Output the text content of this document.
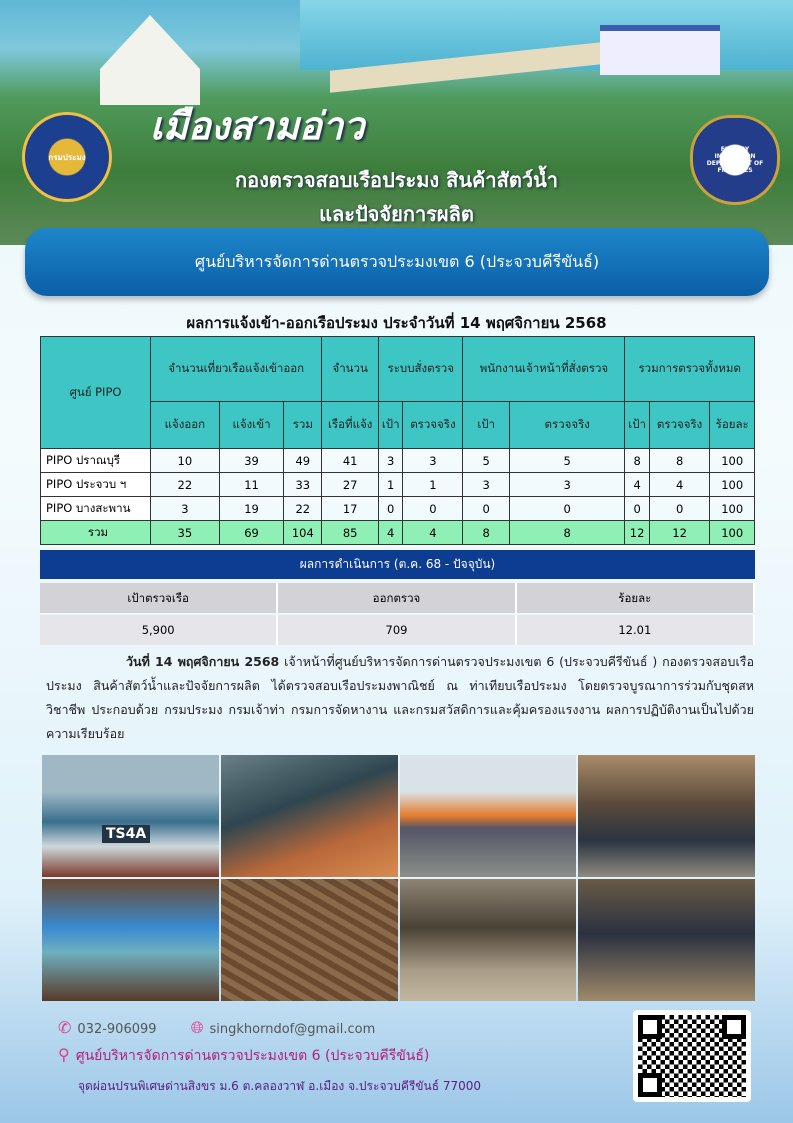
เมืองสามอ่าว
กรมประมง
FISHERY INSPECTION DEPARTMENT OF FISHERIES
กองตรวจสอบเรือประมง สินค้าสัตว์น้ำ
และปัจจัยการผลิต
ศูนย์บริหารจัดการด่านตรวจประมงเขต 6 (ประจวบคีรีขันธ์)
ผลการแจ้งเข้า-ออกเรือประมง ประจำวันที่ 14 พฤศจิกายน 2568
ศูนย์ PIPO	จำนวนเที่ยวเรือแจ้งเข้าออก			จำนวน	ระบบสั่งตรวจ		พนักงานเจ้าหน้าที่สั่งตรวจ		รวมการตรวจทั้งหมด		
	แจ้งออก	แจ้งเข้า	รวม	เรือที่แจ้ง	เป้า	ตรวจจริง	เป้า	ตรวจจริง	เป้า	ตรวจจริง	ร้อยละ
PIPO ปราณบุรี	10	39	49	41	3	3	5	5	8	8	100
PIPO ประจวบ ฯ	22	11	33	27	1	1	3	3	4	4	100
PIPO บางสะพาน	3	19	22	17	0	0	0	0	0	0	100
รวม	35	69	104	85	4	4	8	8	12	12	100
ผลการดำเนินการ (ต.ค. 68 - ปัจจุบัน)
เป้าตรวจเรือ	ออกตรวจ	ร้อยละ
5,900	709	12.01

วันที่ 14 พฤศจิกายน 2568 เจ้าหน้าที่ศูนย์บริหารจัดการด่านตรวจประมงเขต 6 (ประจวบคีรีขันธ์ ) กองตรวจสอบเรือประมง สินค้าสัตว์น้ำและปัจจัยการผลิต ได้ตรวจสอบเรือประมงพาณิชย์ ณ ท่าเทียบเรือประมง โดยตรวจบูรณาการร่วมกับชุดสหวิชาชีพ ประกอบด้วย กรมประมง กรมเจ้าท่า กรมการจัดหางาน และกรมสวัสดิการและคุ้มครองแรงงาน ผลการปฏิบัติงานเป็นไปด้วยความเรียบร้อย

TS4A
✆ 032-906099 🌐︎ singkhorndof@gmail.com
⚲ ศูนย์บริหารจัดการด่านตรวจประมงเขต 6 (ประจวบคีรีขันธ์)
จุดผ่อนปรนพิเศษด่านสิงขร ม.6 ต.คลองวาฬ อ.เมือง จ.ประจวบคีรีขันธ์ 77000
